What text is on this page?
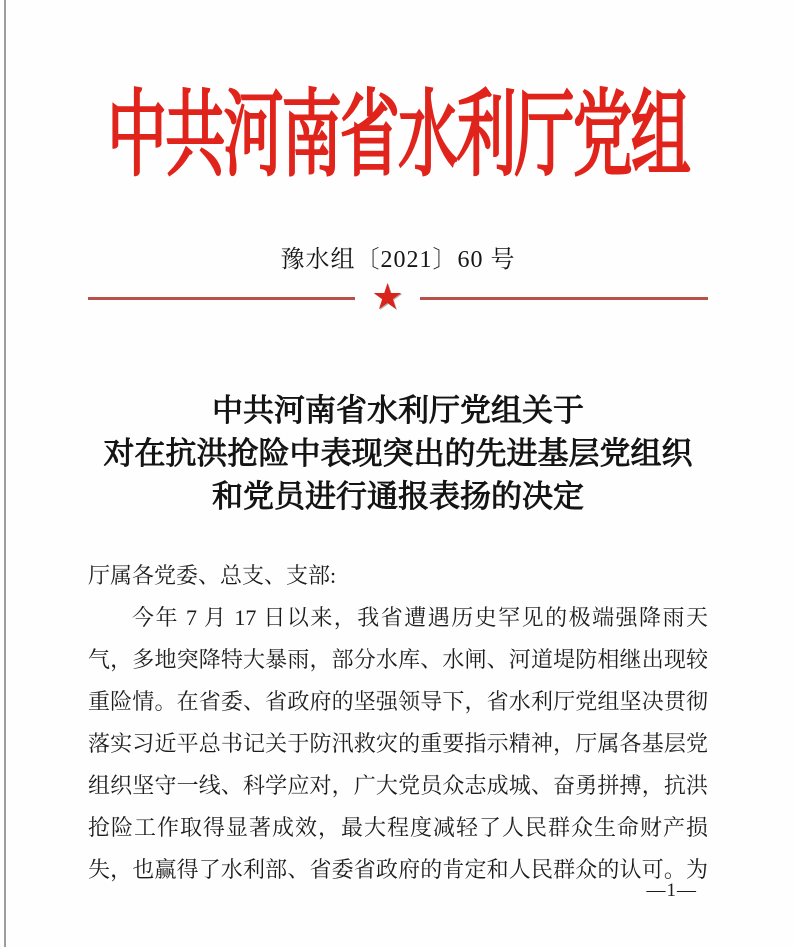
中共河南省水利厅党组
豫水组〔2021〕60 号
★
中共河南省水利厅党组关于
对在抗洪抢险中表现突出的先进基层党组织
和党员进行通报表扬的决定
厅属各党委、总支、支部:
今年 7 月 17 日以来，我省遭遇历史罕见的极端强降雨天
气，多地突降特大暴雨，部分水库、水闸、河道堤防相继出现较
重险情。在省委、省政府的坚强领导下，省水利厅党组坚决贯彻
落实习近平总书记关于防汛救灾的重要指示精神，厅属各基层党
组织坚守一线、科学应对，广大党员众志成城、奋勇拼搏，抗洪
抢险工作取得显著成效，最大程度减轻了人民群众生命财产损
失，也赢得了水利部、省委省政府的肯定和人民群众的认可。为
—1—
